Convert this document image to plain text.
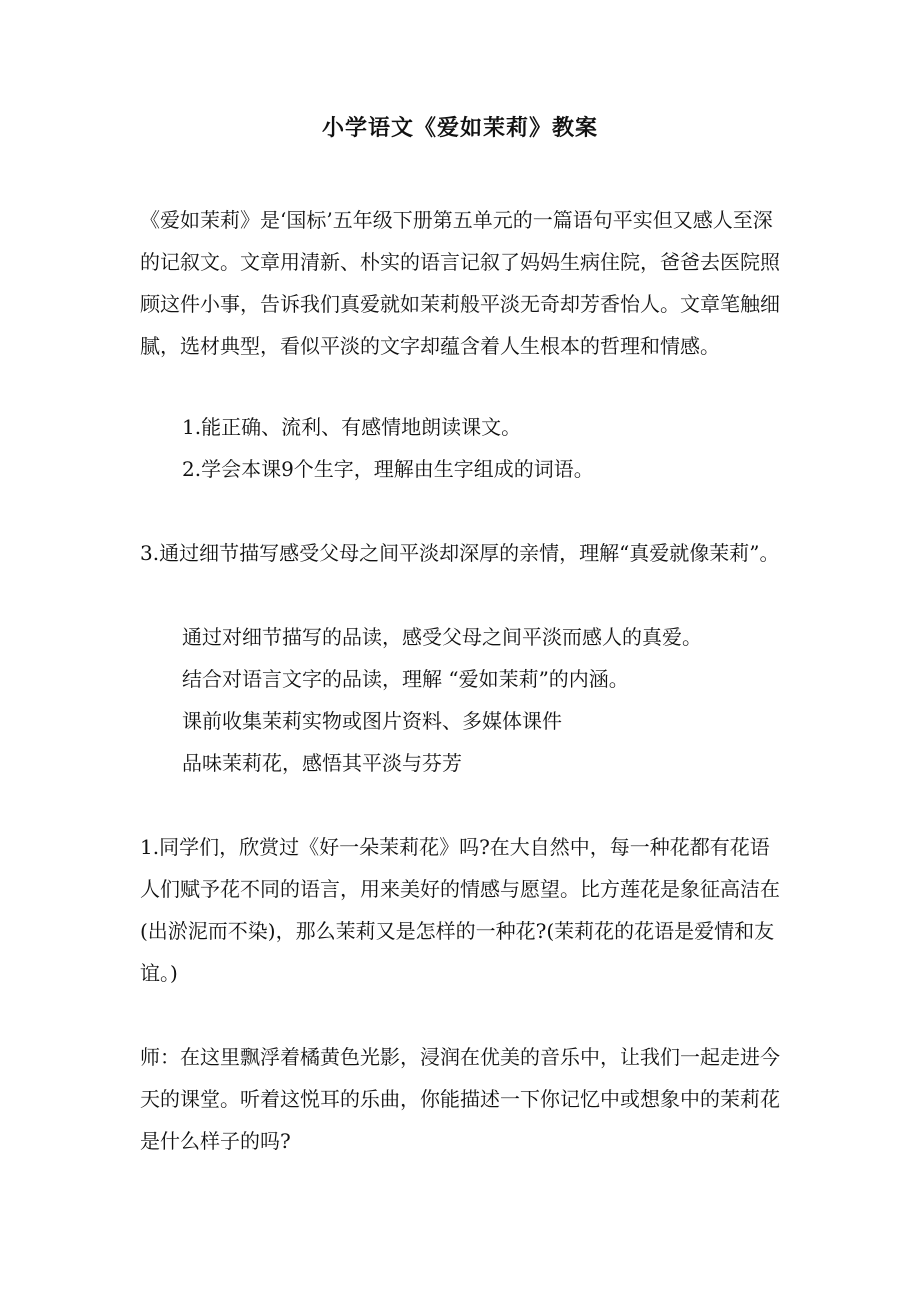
小学语文《爱如茉莉》教案

《爱如茉莉》是‘国标’五年级下册第五单元的一篇语句平实但又感人至深的记叙文。文章用清新、朴实的语言记叙了妈妈生病住院，爸爸去医院照顾这件小事，告诉我们真爱就如茉莉般平淡无奇却芳香怡人。文章笔触细腻，选材典型，看似平淡的文字却蕴含着人生根本的哲理和情感。

1.能正确、流利、有感情地朗读课文。

2.学会本课9个生字，理解由生字组成的词语。

3.通过细节描写感受父母之间平淡却深厚的亲情，理解“真爱就像茉莉”。

通过对细节描写的品读，感受父母之间平淡而感人的真爱。

结合对语言文字的品读，理解 “爱如茉莉”的内涵。

课前收集茉莉实物或图片资料、多媒体课件

品味茉莉花，感悟其平淡与芬芳

1.同学们，欣赏过《好一朵茉莉花》吗?在大自然中，每一种花都有花语人们赋予花不同的语言，用来美好的情感与愿望。比方莲花是象征高洁在(出淤泥而不染)，那么茉莉又是怎样的一种花?(茉莉花的花语是爱情和友谊。)

师：在这里飘浮着橘黄色光影，浸润在优美的音乐中，让我们一起走进今天的课堂。听着这悦耳的乐曲，你能描述一下你记忆中或想象中的茉莉花是什么样子的吗?
